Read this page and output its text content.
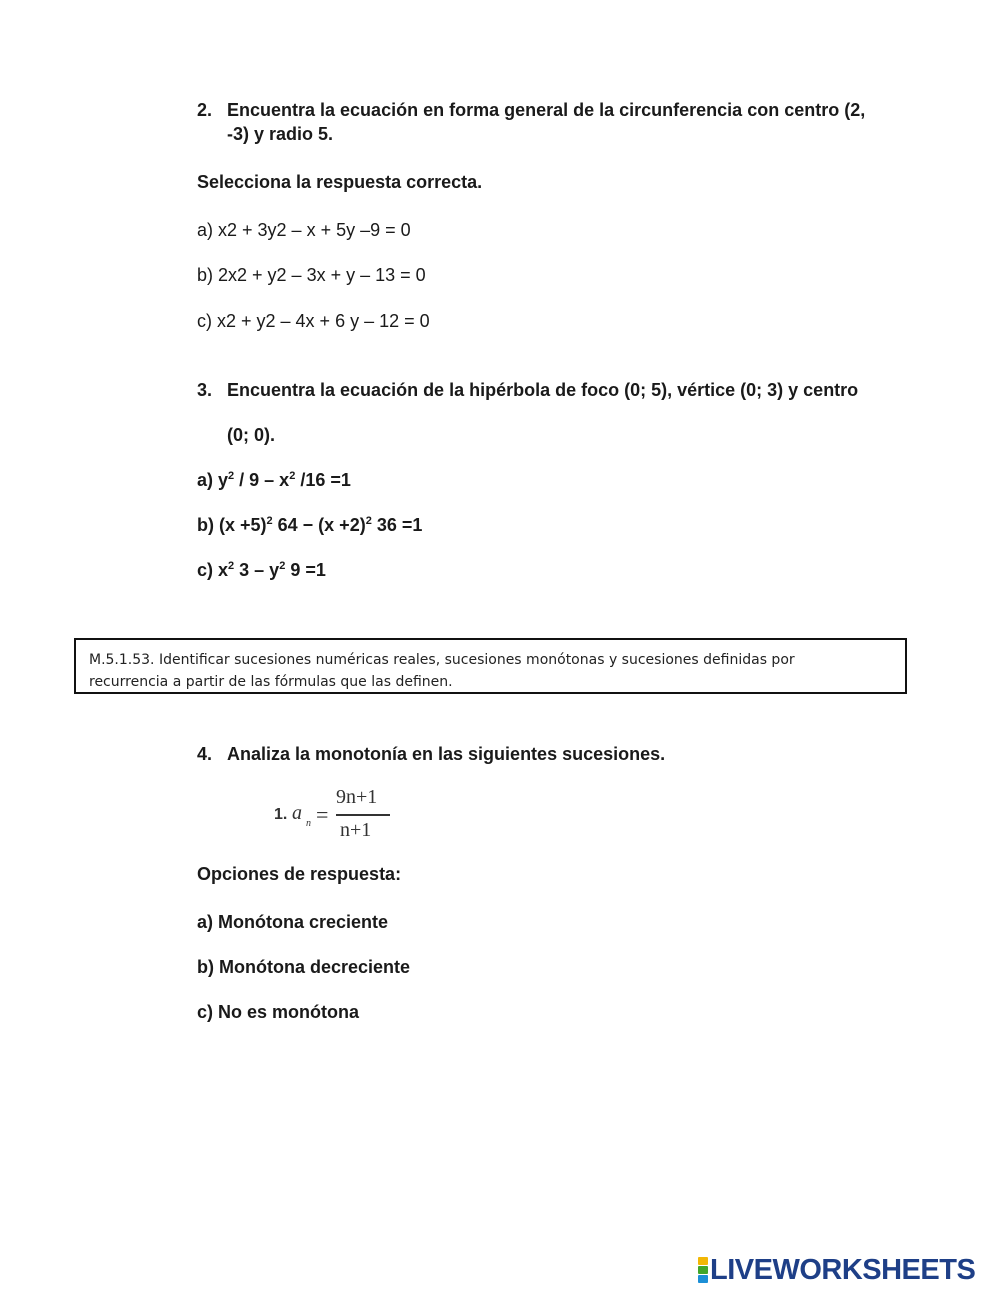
2. Encuentra la ecuación en forma general de la circunferencia con centro (2,
-3) y radio 5.
Selecciona la respuesta correcta.
a) x2 + 3y2 – x + 5y –9 = 0
b) 2x2 + y2 – 3x + y – 13 = 0
c) x2 + y2 – 4x + 6 y – 12 = 0
3. Encuentra la ecuación de la hipérbola de foco (0; 5), vértice (0; 3) y centro
(0; 0).
a) $y^2 / 9 - x^2$ /16 =1
b) $(x +5)^2$ $64 - (x +2)^2$ 36 =1
c) $x^2$ $3 - y^2$ 9 =1
M.5.1.53. Identificar sucesiones numéricas reales, sucesiones monótonas y sucesiones definidas por
recurrencia a partir de las fórmulas que las definen.
4. Analiza la monotonía en las siguientes sucesiones.
1. a n =
9n+1
n+1
Opciones de respuesta:
a) Monótona creciente
b) Monótona decreciente
c) No es monótona
LIVEWORKSHEETS
